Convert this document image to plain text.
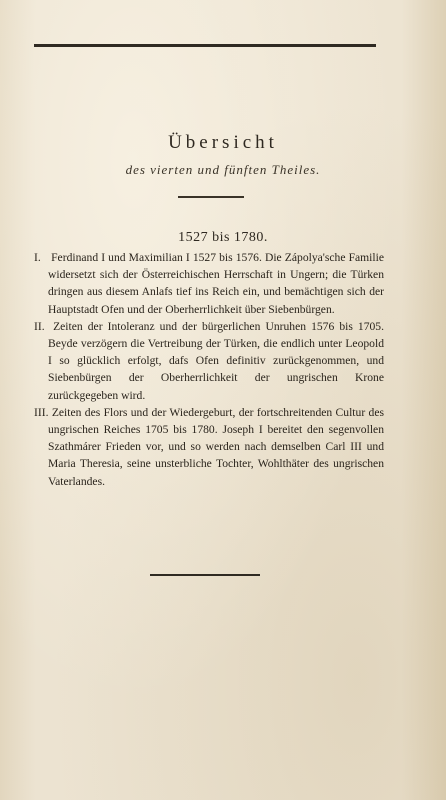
Übersicht
des vierten und fünften Theiles.
1527 bis 1780.
I. Ferdinand I und Maximilian I 1527 bis 1576. Die Zápolya'sche Familie widersetzt sich der Österreichischen Herrschaft in Ungern; die Türken dringen aus diesem Anlafs tief ins Reich ein, und bemächtigen sich der Hauptstadt Ofen und der Oberherrlichkeit über Siebenbürgen.
II. Zeiten der Intoleranz und der bürgerlichen Unruhen 1576 bis 1705. Beyde verzögern die Vertreibung der Türken, die endlich unter Leopold I so glücklich erfolgt, dafs Ofen definitiv zurückgenommen, und Siebenbürgen der Oberherrlichkeit der ungrischen Krone zurückgegeben wird.
III. Zeiten des Flors und der Wiedergeburt, der fortschreitenden Cultur des ungrischen Reiches 1705 bis 1780. Joseph I bereitet den segenvollen Szathmárer Frieden vor, und so werden nach demselben Carl III und Maria Theresia, seine unsterbliche Tochter, Wohlthäter des ungrischen Vaterlandes.
